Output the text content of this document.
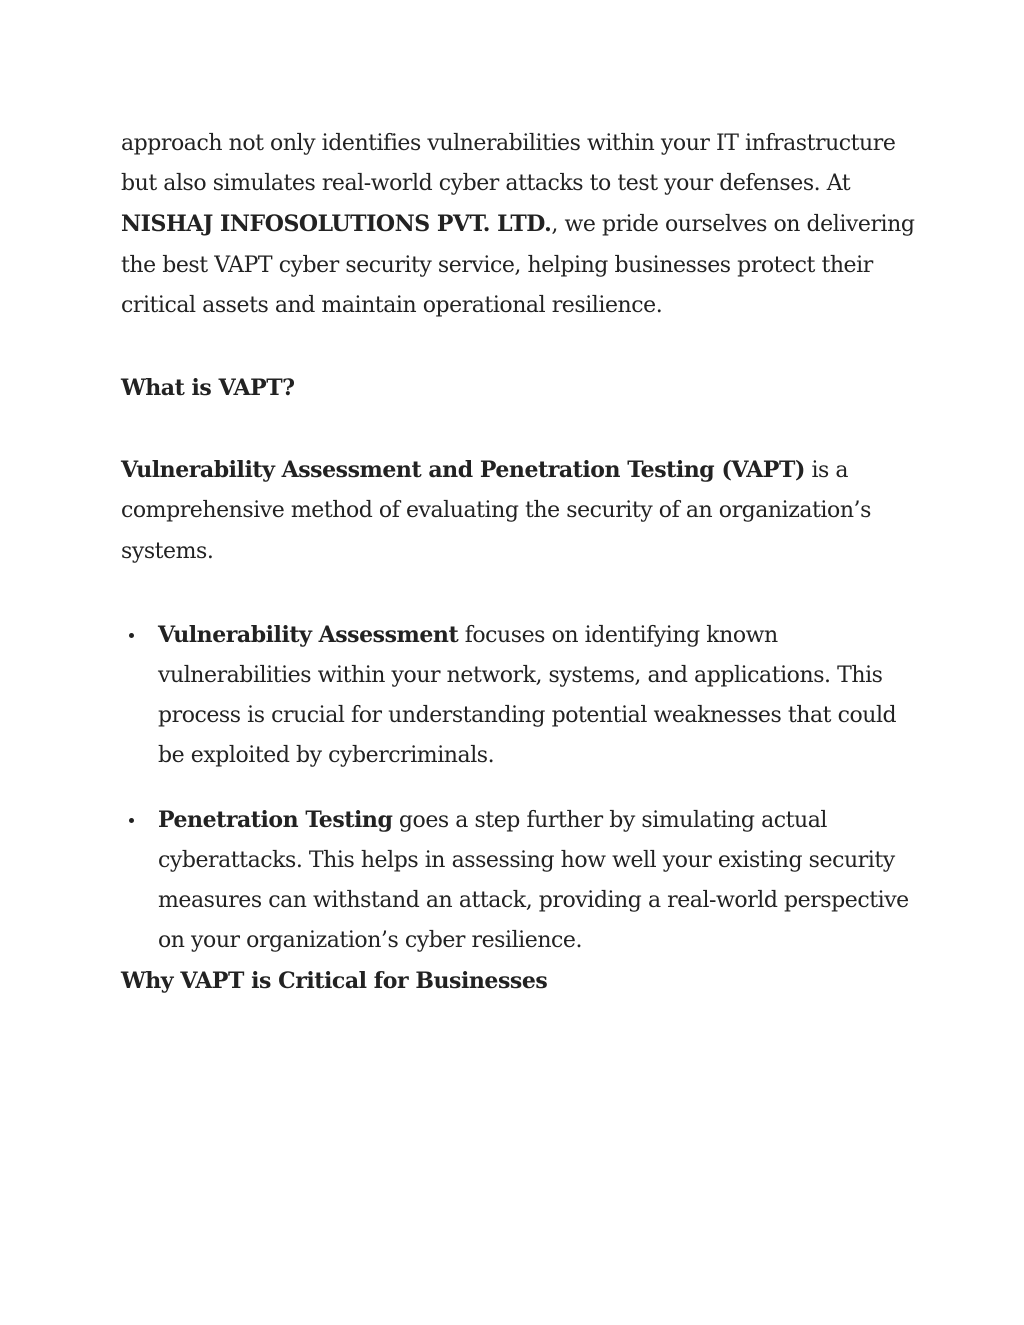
approach not only identifies vulnerabilities within your IT infrastructure but also simulates real-world cyber attacks to test your defenses. At NISHAJ INFOSOLUTIONS PVT. LTD., we pride ourselves on delivering the best VAPT cyber security service, helping businesses protect their critical assets and maintain operational resilience.

What is VAPT?

Vulnerability Assessment and Penetration Testing (VAPT) is a comprehensive method of evaluating the security of an organization’s systems.

Vulnerability Assessment focuses on identifying known vulnerabilities within your network, systems, and applications. This process is crucial for understanding potential weaknesses that could be exploited by cybercriminals.
Penetration Testing goes a step further by simulating actual cyberattacks. This helps in assessing how well your existing security measures can withstand an attack, providing a real-world perspective on your organization’s cyber resilience.

Why VAPT is Critical for Businesses
